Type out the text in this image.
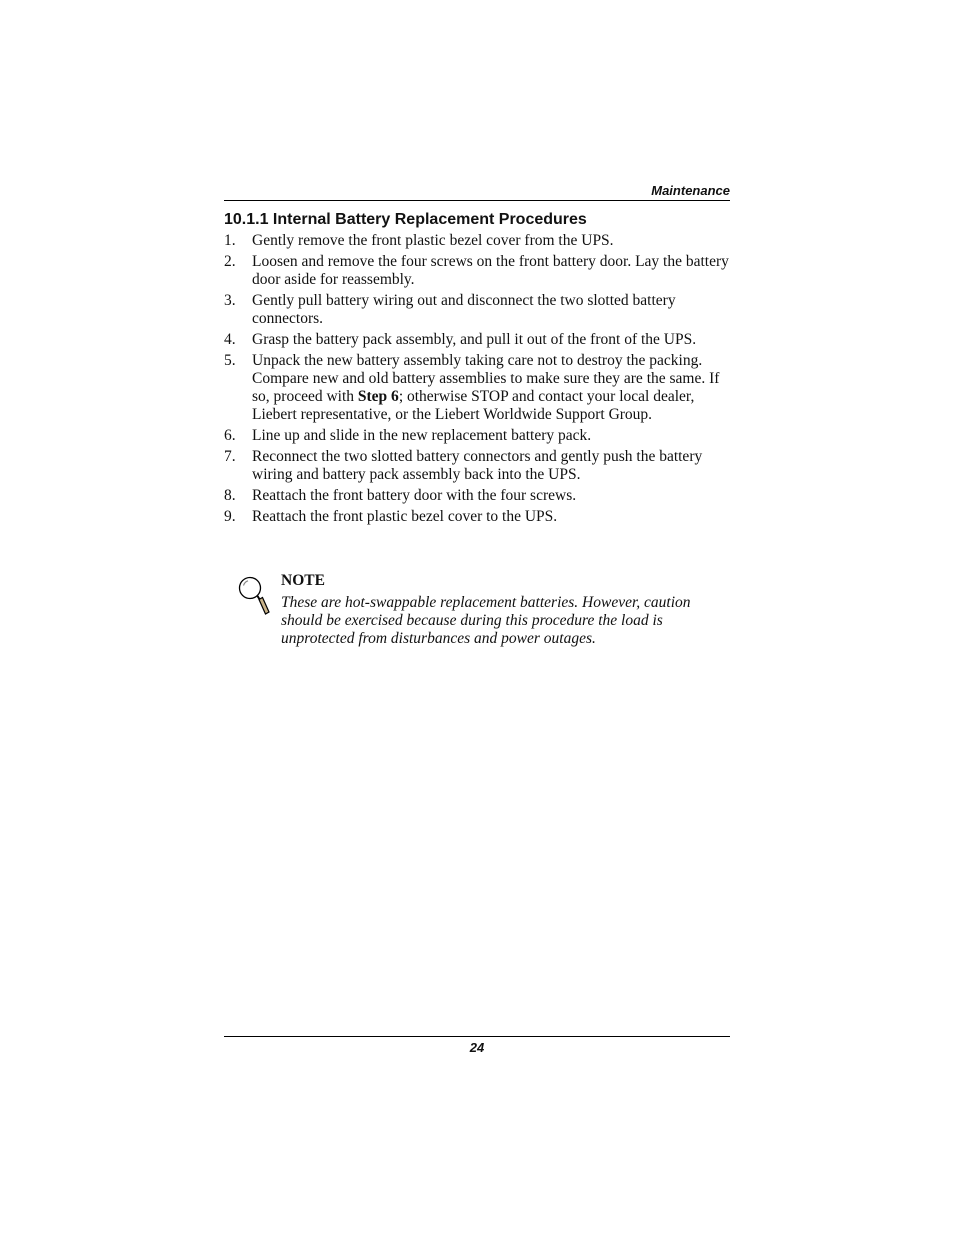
Maintenance
10.1.1 Internal Battery Replacement Procedures
1.	Gently remove the front plastic bezel cover from the UPS.
2.	Loosen and remove the four screws on the front battery door. Lay the battery door aside for reassembly.
3.	Gently pull battery wiring out and disconnect the two slotted battery connectors.
4.	Grasp the battery pack assembly, and pull it out of the front of the UPS.
5.	Unpack the new battery assembly taking care not to destroy the packing. Compare new and old battery assemblies to make sure they are the same. If so, proceed with Step 6; otherwise STOP and contact your local dealer, Liebert representative, or the Liebert Worldwide Support Group.
6.	Line up and slide in the new replacement battery pack.
7.	Reconnect the two slotted battery connectors and gently push the battery wiring and battery pack assembly back into the UPS.
8.	Reattach the front battery door with the four screws.
9.	Reattach the front plastic bezel cover to the UPS.
NOTE
These are hot-swappable replacement batteries. However, caution should be exercised because during this procedure the load is unprotected from disturbances and power outages.
24
